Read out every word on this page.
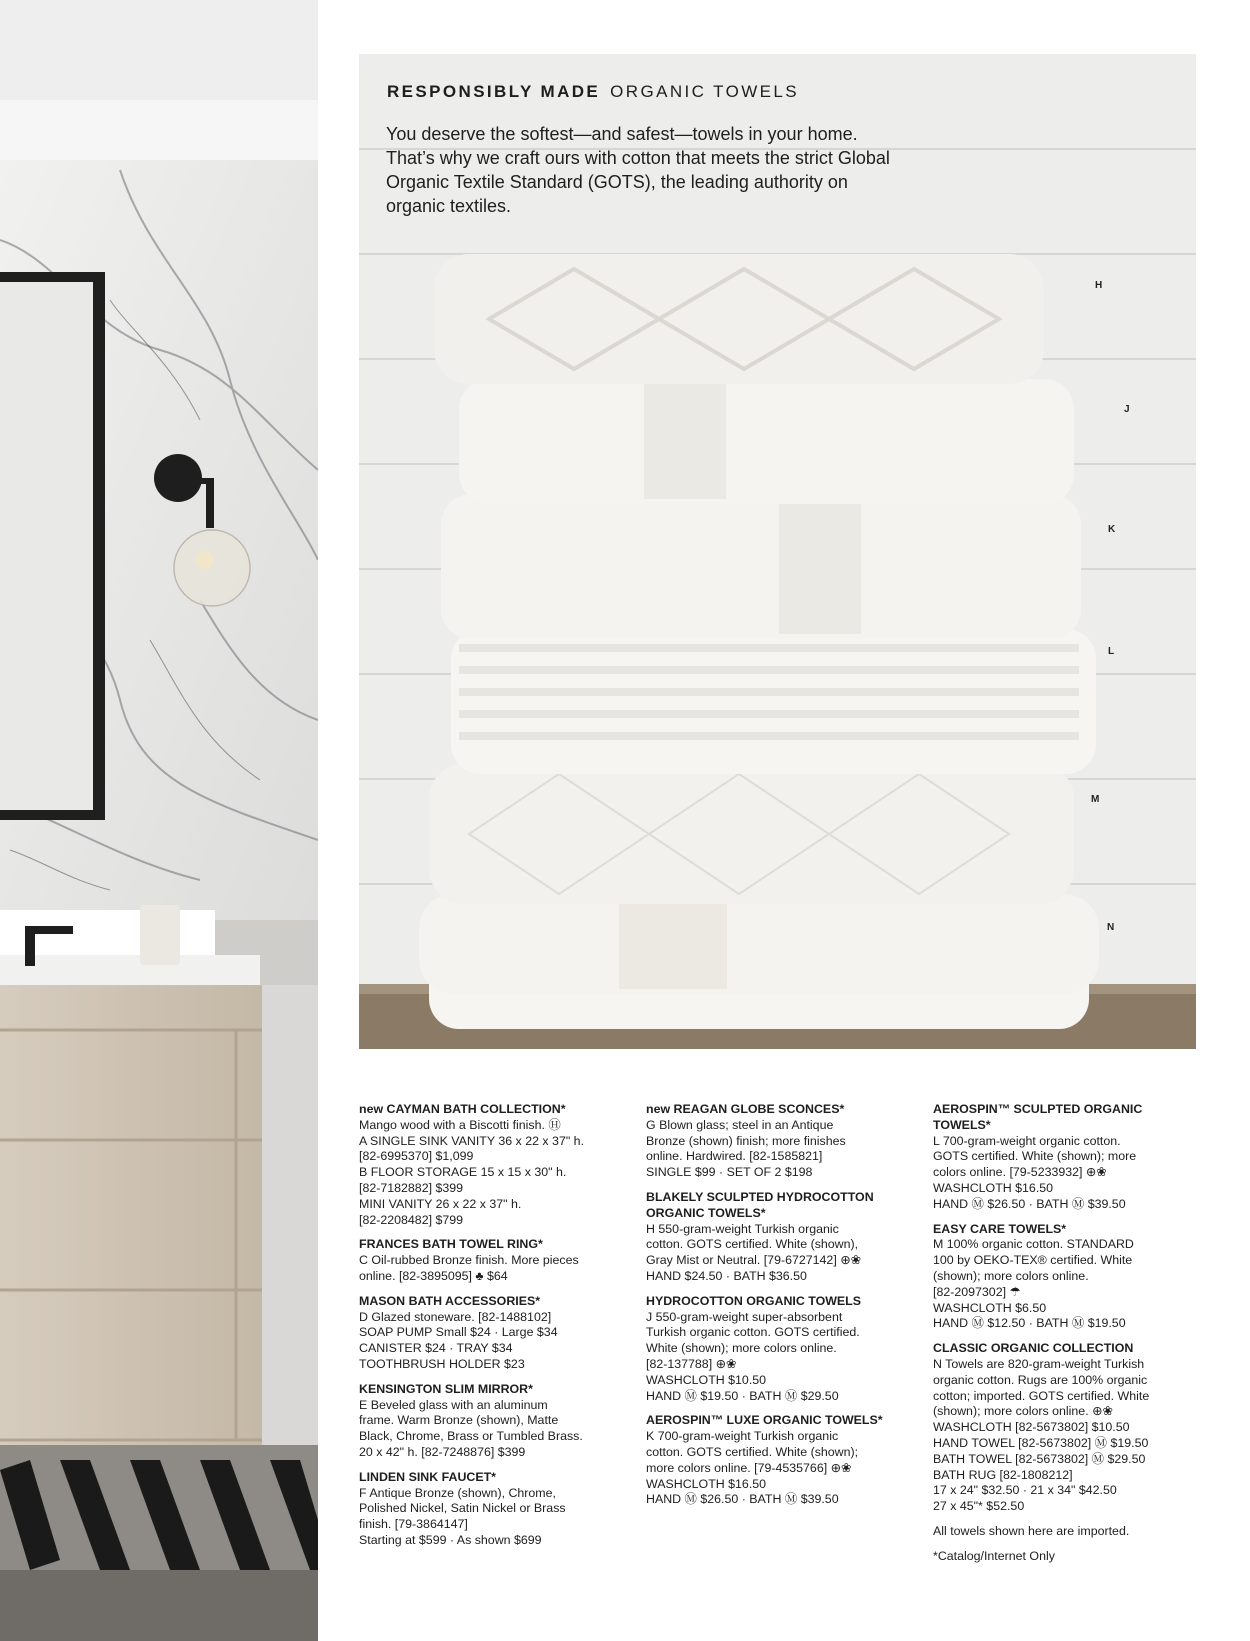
RESPONSIBLY MADE ORGANIC TOWELS

You deserve the softest—and safest—towels in your home. That’s why we craft ours with cotton that meets the strict Global Organic Textile Standard (GOTS), the leading authority on organic textiles.

H
J
K
L
M
N
new CAYMAN BATH COLLECTION*
Mango wood with a Biscotti finish. Ⓗ
A SINGLE SINK VANITY 36 x 22 x 37" h.
[82-6995370] $1,099
B FLOOR STORAGE 15 x 15 x 30" h.
[82-7182882] $399
MINI VANITY 26 x 22 x 37" h.
[82-2208482] $799
FRANCES BATH TOWEL RING*
C Oil-rubbed Bronze finish. More pieces
online. [82-3895095] ♣ $64
MASON BATH ACCESSORIES*
D Glazed stoneware. [82-1488102]
SOAP PUMP Small $24 · Large $34
CANISTER $24 · TRAY $34
TOOTHBRUSH HOLDER $23
KENSINGTON SLIM MIRROR*
E Beveled glass with an aluminum
frame. Warm Bronze (shown), Matte
Black, Chrome, Brass or Tumbled Brass.
20 x 42" h. [82-7248876] $399
LINDEN SINK FAUCET*
F Antique Bronze (shown), Chrome,
Polished Nickel, Satin Nickel or Brass
finish. [79-3864147]
Starting at $599 · As shown $699
new REAGAN GLOBE SCONCES*
G Blown glass; steel in an Antique
Bronze (shown) finish; more finishes
online. Hardwired. [82-1585821]
SINGLE $99 · SET OF 2 $198
BLAKELY SCULPTED HYDROCOTTON ORGANIC TOWELS*
H 550-gram-weight Turkish organic
cotton. GOTS certified. White (shown),
Gray Mist or Neutral. [79-6727142] ⊕❀
HAND $24.50 · BATH $36.50
HYDROCOTTON ORGANIC TOWELS
J 550-gram-weight super-absorbent
Turkish organic cotton. GOTS certified.
White (shown); more colors online.
[82-137788] ⊕❀
WASHCLOTH $10.50
HAND Ⓜ $19.50 · BATH Ⓜ $29.50
AEROSPIN™ LUXE ORGANIC TOWELS*
K 700-gram-weight Turkish organic
cotton. GOTS certified. White (shown);
more colors online. [79-4535766] ⊕❀
WASHCLOTH $16.50
HAND Ⓜ $26.50 · BATH Ⓜ $39.50
AEROSPIN™ SCULPTED ORGANIC TOWELS*
L 700-gram-weight organic cotton.
GOTS certified. White (shown); more
colors online. [79-5233932] ⊕❀
WASHCLOTH $16.50
HAND Ⓜ $26.50 · BATH Ⓜ $39.50
EASY CARE TOWELS*
M 100% organic cotton. STANDARD
100 by OEKO-TEX® certified. White
(shown); more colors online.
[82-2097302] ☂
WASHCLOTH $6.50
HAND Ⓜ $12.50 · BATH Ⓜ $19.50
CLASSIC ORGANIC COLLECTION
N Towels are 820-gram-weight Turkish
organic cotton. Rugs are 100% organic
cotton; imported. GOTS certified. White
(shown); more colors online. ⊕❀
WASHCLOTH [82-5673802] $10.50
HAND TOWEL [82-5673802] Ⓜ $19.50
BATH TOWEL [82-5673802] Ⓜ $29.50
BATH RUG [82-1808212]
17 x 24" $32.50 · 21 x 34" $42.50
27 x 45"* $52.50
All towels shown here are imported.
*Catalog/Internet Only
